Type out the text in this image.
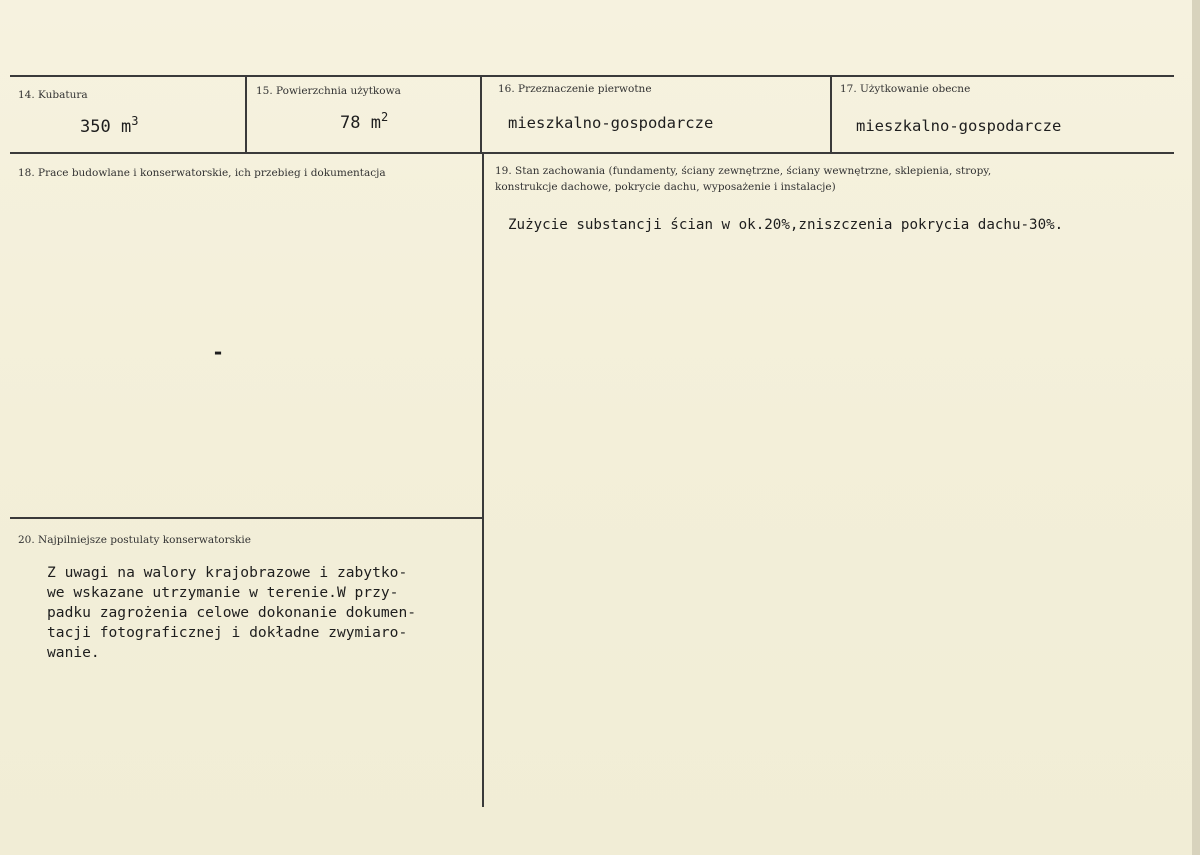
14. Kubatura
350 $m^3$
15. Powierzchnia użytkowa
78 $m^2$
16. Przeznaczenie pierwotne
mieszkalno-gospodarcze
17. Użytkowanie obecne
mieszkalno-gospodarcze
18. Prace budowlane i konserwatorskie, ich przebieg i dokumentacja
-
19. Stan zachowania (fundamenty, ściany zewnętrzne, ściany wewnętrzne, sklepienia, stropy,
konstrukcje dachowe, pokrycie dachu, wyposażenie i instalacje)
Zużycie substancji ścian w ok.20%,zniszczenia pokrycia dachu-30%.
20. Najpilniejsze postulaty konserwatorskie
Z uwagi na walory krajobrazowe i zabytko-
we wskazane utrzymanie w terenie.W przy-
padku zagrożenia celowe dokonanie dokumen-
tacji fotograficznej i dokładne zwymiaro-
wanie.
